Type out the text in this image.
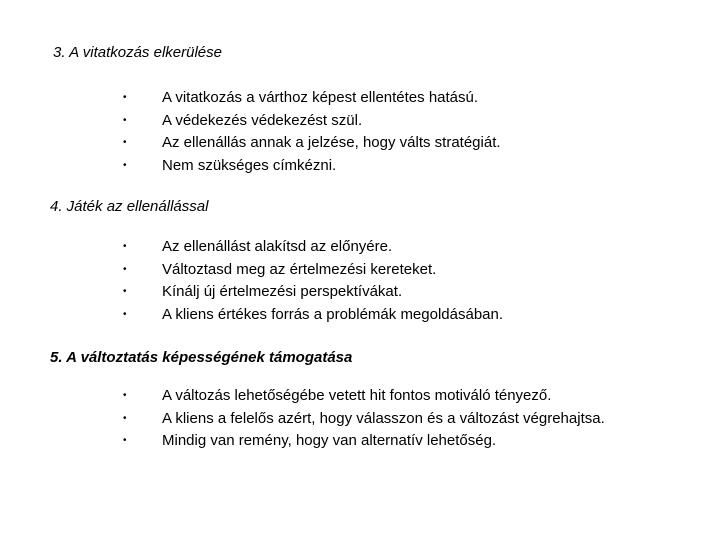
3. A vitatkozás elkerülése
• A vitatkozás a várthoz képest ellentétes hatású.
• A védekezés védekezést szül.
• Az ellenállás annak a jelzése, hogy válts stratégiát.
• Nem szükséges címkézni.
4. Játék az ellenállással
• Az ellenállást alakítsd az előnyére.
• Változtasd meg az értelmezési kereteket.
• Kínálj új értelmezési perspektívákat.
• A kliens értékes forrás a problémák megoldásában.
5. A változtatás képességének támogatása
• A változás lehetőségébe vetett hit fontos motiváló tényező.
• A kliens a felelős azért, hogy válasszon és a változást végrehajtsa.
• Mindig van remény, hogy van alternatív lehetőség.
